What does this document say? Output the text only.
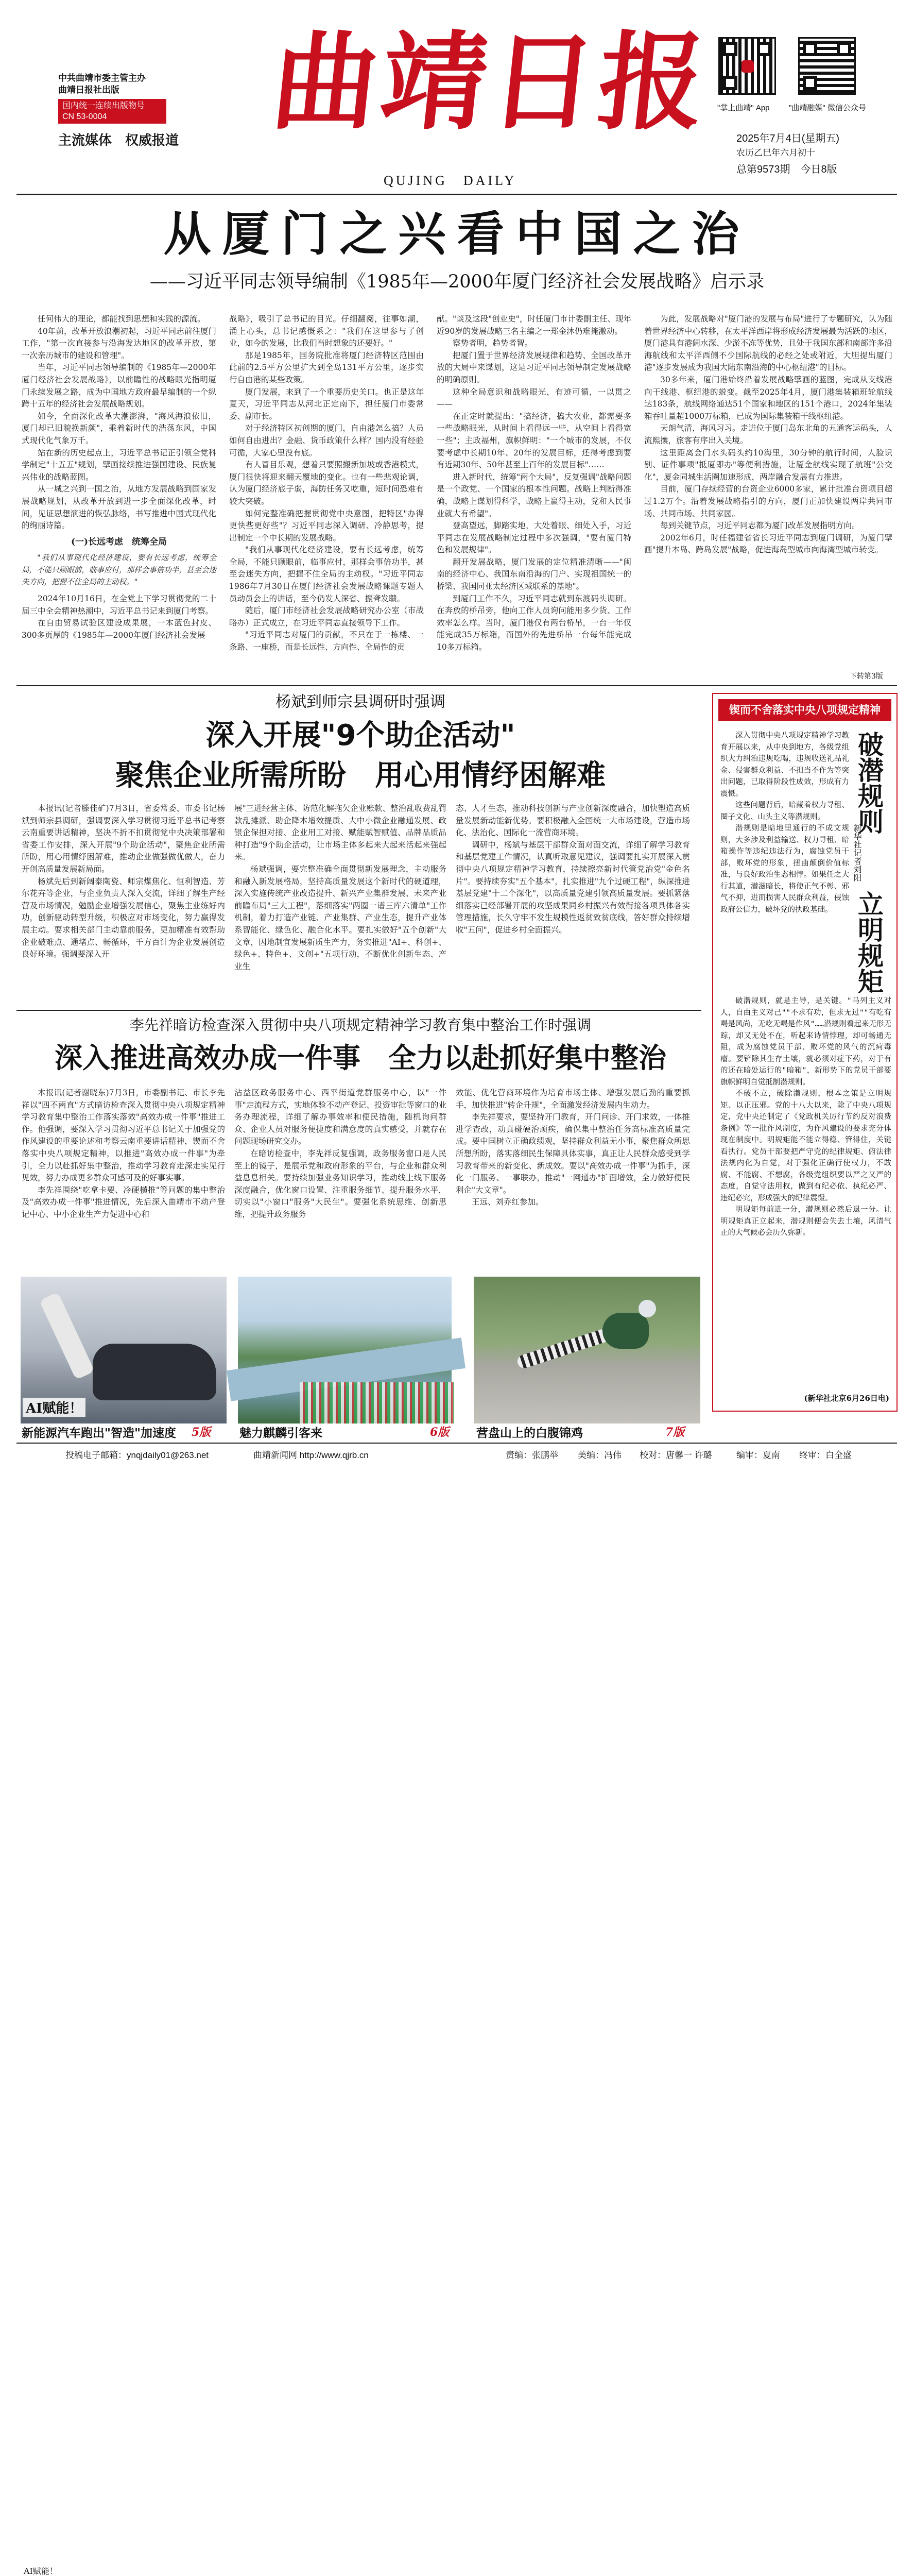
中共曲靖市委主管主办
曲靖日报社出版
国内统一连续出版物号
CN 53-0004
主流媒体　权威报道 曲靖日报
QUJING　DAILY
"掌上曲靖" App "曲靖融媒" 微信公众号
2025年7月4日(星期五)
农历乙巳年六月初十
总第9573期　今日8版
从厦门之兴看中国之治
——习近平同志领导编制《1985年—2000年厦门经济社会发展战略》启示录

任何伟大的理论，都能找到思想和实践的源流。

40年前，改革开放浪潮初起，习近平同志前往厦门工作，"第一次直接参与沿海发达地区的改革开放，第一次亲历城市的建设和管理"。

当年，习近平同志领导编制的《1985年—2000年厦门经济社会发展战略》，以前瞻性的战略眼光指明厦门永续发展之路，成为中国地方政府最早编制的一个纵跨十五年的经济社会发展战略规划。

如今，全面深化改革大潮澎湃，"海风海浪依旧，厦门却已旧貌换新颜"，乘着新时代的浩荡东风，中国式现代化气象万千。

站在新的历史起点上，习近平总书记正引领全党科学制定"十五五"规划，擘画接续推进强国建设、民族复兴伟业的战略蓝图。

从一城之兴到一国之治，从地方发展战略到国家发展战略规划，从改革开放到进一步全面深化改革，时间，见证思想演进的恢弘脉络，书写推进中国式现代化的绚丽诗篇。

(一)长远考虑　统筹全局

"我们从事现代化经济建设，要有长远考虑，统筹全局，不能只顾眼前，临事应付，那样会事倍功半，甚至会迷失方向，把握不住全局的主动权。"

2024年10月16日，在全党上下学习贯彻党的二十届三中全会精神热潮中，习近平总书记来到厦门考察。

在自由贸易试验区建设成果展，一本蓝色封皮、300多页厚的《1985年—2000年厦门经济社会发展

战略》，吸引了总书记的目光。仔细翻阅，往事如潮，涌上心头，总书记感慨系之："我们在这里参与了创业，如今的发展，比我们当时想象的还要好。"

那是1985年，国务院批准将厦门经济特区范围由此前的2.5平方公里扩大到全岛131平方公里，逐步实行自由港的某些政策。

厦门发展，来到了一个重要历史关口。也正是这年夏天，习近平同志从河北正定南下，担任厦门市委常委、副市长。

对于经济特区初创期的厦门，自由港怎么搞？人员如何自由进出？金融、货币政策什么样？国内没有经验可循，大家心里没有底。

有人冒目乐观，想着只要照搬新加坡或香港模式，厦门很快将迎来翻天覆地的变化。也有一些悲观论调，认为厦门经济底子弱，海防任务又吃重，短时间恐难有较大突破。

如何完整准确把握贯彻党中央意图，把特区"办得更快些更好些"？习近平同志深入调研、冷静思考，提出制定一个中长期的发展战略。

"我们从事现代化经济建设，要有长远考虑，统筹全局，不能只顾眼前，临事应付，那样会事倍功半，甚至会迷失方向，把握不住全局的主动权。"习近平同志1986年7月30日在厦门经济社会发展战略课题专题人员动员会上的讲话，至今仍发人深省、振聋发聩。

随后，厦门市经济社会发展战略研究办公室（市战略办）正式成立，在习近平同志直接领导下工作。

"习近平同志对厦门的贡献，不只在于一栋楼、一条路、一座桥，而是长远性、方向性、全局性的贡

献。"谈及这段"创业史"，时任厦门市计委副主任、现年近90岁的发展战略三名主编之一郑金沐仍难掩激动。

察势者明，趋势者智。

把厦门置于世界经济发展规律和趋势、全国改革开放的大局中来谋划，这是习近平同志领导制定发展战略的明确原则。

这种全局意识和战略眼光，有迹可循，一以贯之——

在正定时就提出："搞经济，搞大农业，都需要多一些战略眼光，从时间上看得远一些，从空间上看得宽一些"；主政福州，旗帜鲜明："一个城市的发展，不仅要考虑中长期10年、20年的发展目标，还得考虑到要有近期30年、50年甚至上百年的发展目标"……

进入新时代，统筹"两个大局"，反复强调"战略问题是一个政党、一个国家的根本性问题。战略上判断得准确，战略上谋划得科学，战略上赢得主动，党和人民事业就大有希望"。

登高望远，脚踏实地，大处着眼、细处入手，习近平同志在发展战略制定过程中多次强调，"要有厦门特色和发展规律"。

翻开发展战略，厦门发展的定位精准清晰——"闽南的经济中心、我国东南沿海的门户、实现祖国统一的桥梁、我国同亚太经济区域联系的基地"。

到厦门工作不久，习近平同志就到东渡码头调研。在奔放的桥吊旁，他向工作人员询问能用多少货、工作效率怎么样。当时，厦门港仅有两台桥吊，一台一年仅能完成35万标箱，而国外的先进桥吊一台每年能完成10多万标箱。

为此，发展战略对"厦门港的发展与布局"进行了专题研究，认为随着世界经济中心转移，在太平洋西岸将形成经济发展最为活跃的地区，厦门港具有港阔水深、少淤不冻等优势，且处于我国东部和南部许多沿海航线和太平洋西侧不少国际航线的必经之处或附近，大胆提出厦门港"逐步发展成为我国大陆东南沿海的中心枢纽港"的目标。

30多年来，厦门港始终沿着发展战略擘画的蓝图，完成从支线港向干线港、枢纽港的蜕变。截至2025年4月，厦门港集装箱班轮航线达183条，航线网络通达51个国家和地区的151个港口，2024年集装箱吞吐量超1000万标箱，已成为国际集装箱干线枢纽港。

天朗气清，海风习习。走进位于厦门岛东北角的五通客运码头，人流熙攘，旅客有序出入关境。

这里距离金门水头码头约10海里，30分钟的航行时间，人脸识别、证件事项"抵厦即办"等便利措施，让厦金航线实现了航班"公交化"，厦金同城生活圈加速形成，两岸融合发展有力推进。

目前，厦门存续经营的台资企业6000多家，累计批准台资项目超过1.2万个。沿着发展战略指引的方向，厦门正加快建设两岸共同市场、共同市场、共同家园。

每到关键节点，习近平同志都为厦门改革发展指明方向。

2002年6月，时任福建省省长习近平同志到厦门调研，为厦门擘画"提升本岛、跨岛发展"战略，促进海岛型城市向海湾型城市转变。

下转第3版
杨斌到师宗县调研时强调
深入开展"9个助企活动"
聚焦企业所需所盼　用心用情纾困解难

本报讯(记者滕佳矿)7月3日，省委常委、市委书记杨斌到师宗县调研，强调要深入学习贯彻习近平总书记考察云南重要讲话精神，坚决不折不扣贯彻党中央决策部署和省委工作安排，深入开展"9个助企活动"，聚焦企业所需所盼，用心用情纾困解难，推动企业做强做优做大，奋力开创高质量发展新局面。

杨斌先后到新阔泰陶瓷、师宗煤焦化、恒利智造、芳尔花卉等企业，与企业负责人深入交流，详细了解生产经营及市场情况，勉励企业增强发展信心，聚焦主业练好内功，创新驱动转型升级，积极应对市场变化，努力赢得发展主动。要求相关部门主动靠前服务，更加精准有效帮助企业破难点、通堵点、畅循环，千方百计为企业发展创造良好环境。强调要深入开

展"三进经营主体、防范化解拖欠企业账款、整治乱收费乱罚款乱摊派、助企降本增效提质、大中小微企业融通发展、政银企保担对接、企业用工对接、赋能赋智赋值、品牌品质品种打造"9个助企活动，让市场主体多起来大起来活起来强起来。

杨斌强调，要完整准确全面贯彻新发展理念，主动服务和融入新发展格局，坚持高质量发展这个新时代的硬道理，深入实施传统产业改造提升、新兴产业集群发展、未来产业前瞻布局"三大工程"，落细落实"两圈一谱三库六清单"工作机制，着力打造产业链、产业集群、产业生态，提升产业体系智能化、绿色化、融合化水平。要扎实做好"五个创新"大文章，因地制宜发展新质生产力，务实推进"AI+、科创+、绿色+、特色+、文创+"五项行动，不断优化创新生态、产业生

态、人才生态，推动科技创新与产业创新深度融合，加快塑造高质量发展新动能新优势。要积极融入全国统一大市场建设，营造市场化、法治化、国际化一流营商环境。

调研中，杨斌与基层干部群众面对面交流，详细了解学习教育和基层党建工作情况，认真听取意见建议，强调要扎实开展深入贯彻中央八项规定精神学习教育，持续擦亮新时代管党治党"金色名片"。要持续夯实"五个基本"，扎实推进"九个过硬工程"，纵深推进基层党建"十二个深化"，以高质量党建引领高质量发展。要抓紧落细落实已经部署开展的攻坚成果同乡村振兴有效衔接各项具体各实管理措施，长久守牢不发生规模性返贫致贫底线，答好群众持续增收"五问"，促进乡村全面振兴。

李先祥暗访检查深入贯彻中央八项规定精神学习教育集中整治工作时强调
深入推进高效办成一件事　全力以赴抓好集中整治

本报讯(记者谢晓东)7月3日，市委副书记、市长李先祥以"四不两直"方式暗访检查深入贯彻中央八项规定精神学习教育集中整治工作落实落效"高效办成一件事"推进工作。他强调，要深入学习贯彻习近平总书记关于加强党的作风建设的重要论述和考察云南重要讲话精神，锲而不舍落实中央八项规定精神，以推进"高效办成一件事"为牵引，全力以赴抓好集中整治，推动学习教育走深走实见行见效，努力办成更多群众可感可及的好事实事。

李先祥围绕"吃拿卡要、冷硬横推"等问题的集中整治及"高效办成一件事"推进情况，先后深入曲靖市不动产登记中心、中小企业生产力促进中心和

沾益区政务服务中心、西平街道党群服务中心，以"一件事"走流程方式，实地体验不动产登记、投资审批等窗口的业务办理流程，详细了解办事效率和便民措施，随机询问群众、企业人员对服务便捷度和满意度的真实感受，并就存在问题现场研究交办。

在暗访检查中，李先祥反复强调，政务服务窗口是人民至上的镜子，是展示党和政府形象的平台，与企业和群众利益息息相关。要持续加强业务知识学习，推动线上线下服务深度融合，优化窗口设置、注重服务细节、提升服务水平，切实以"小窗口"服务"大民生"。要强化系统思维、创新思维，把提升政务服务

效能、优化营商环境作为培育市场主体、增强发展后劲的重要抓手，加快推进"转企升规"，全面激发经济发展内生动力。

李先祥要求，要坚持开门教育，开门问诊、开门求效，一体推进学查改，动真碰硬治顽疾，确保集中整治任务高标准高质量完成。要中国树立正确政绩观，坚持群众利益无小事，聚焦群众所思所想所盼，落实落细民生保障具体实事，真正让人民群众感受到学习教育带来的新变化、新成效。要以"高效办成一件事"为抓手，深化一门服务、一事联办，推动"一网通办"扩面增效，全力做好便民利企"大文章"。

王远、刘乔红参加。

锲而不舍落实中央八项规定精神
破潜规则
新华社记者刘阳
立明规矩

深入贯彻中央八项规定精神学习教育开展以来，从中央到地方，各级党组织大力纠治违规吃喝，违规收送礼品礼金、侵害群众利益、不担当不作为等突出问题，已取得阶段性成效，形成有力震慑。

这些问题背后，暗藏着权力寻租、圈子文化、山头主义等潜规则。

潜规则是暗地里通行的不成文规则，大多涉及利益输送、权力寻租、暗箱操作等违纪违法行为，腐蚀党员干部，败坏党的形象，扭曲颠倒价值标准，与良好政治生态相悖。如果任之大行其道，潜滋暗长，将使正气不彰、邪气不抑，进而损害人民群众利益，侵蚀政府公信力，破坏党的执政基础。

破潜规则，就是主导，是关键。"马列主义对人，自由主义对己""不求有功，但求无过""有吃有喝是风尚，无吃无喝是作风"……潜规则看起来无形无踪，却又无处不在，听起来诗情悖理，却可畅通无阻，成为腐蚀党员干部、败坏党的风气的沉疴毒瘤。要铲除其生存土壤，就必须对症下药，对于有的还在暗处运行的"暗箱"，新形势下的党员干部要旗帜鲜明自觉抵制潜规则。

不破不立，破除潜规则，根本之策是立明规矩、以正压邪。党的十八大以来，除了中央八项规定，党中央还制定了《党政机关厉行节约反对浪费条例》等一批作风制度，为作风建设的要求充分体现在制度中。明规矩能不能立得稳、管得住，关键看执行。党员干部要把严守党的纪律规矩、俯法律法规内化为自觉，对于强化正确行使权力，不敢腐、不能腐、不想腐，各级党组织要以严之又严的态度，自觉守法用权，做到有纪必依、执纪必严、违纪必究，形成强大的纪律震慑。

明规矩每前进一分，潜规则必然后退一分。让明规矩真正立起来，潜规则便会失去土壤，风清气正的大气候必会历久弥新。

(新华社北京6月26日电)
AI赋能！
AI赋能！
新能源汽车跑出"智造"加速度 5版 魅力麒麟引客来	6版 营盘山上的白腹锦鸡	7版
投稿电子邮箱：ynqjdaily01@263.net	曲靖新闻网 http://www.qjrb.cn	责编：张鹏举 美编：冯伟 校对：唐馨一 许璐	编审：夏南 终审：白全盛
